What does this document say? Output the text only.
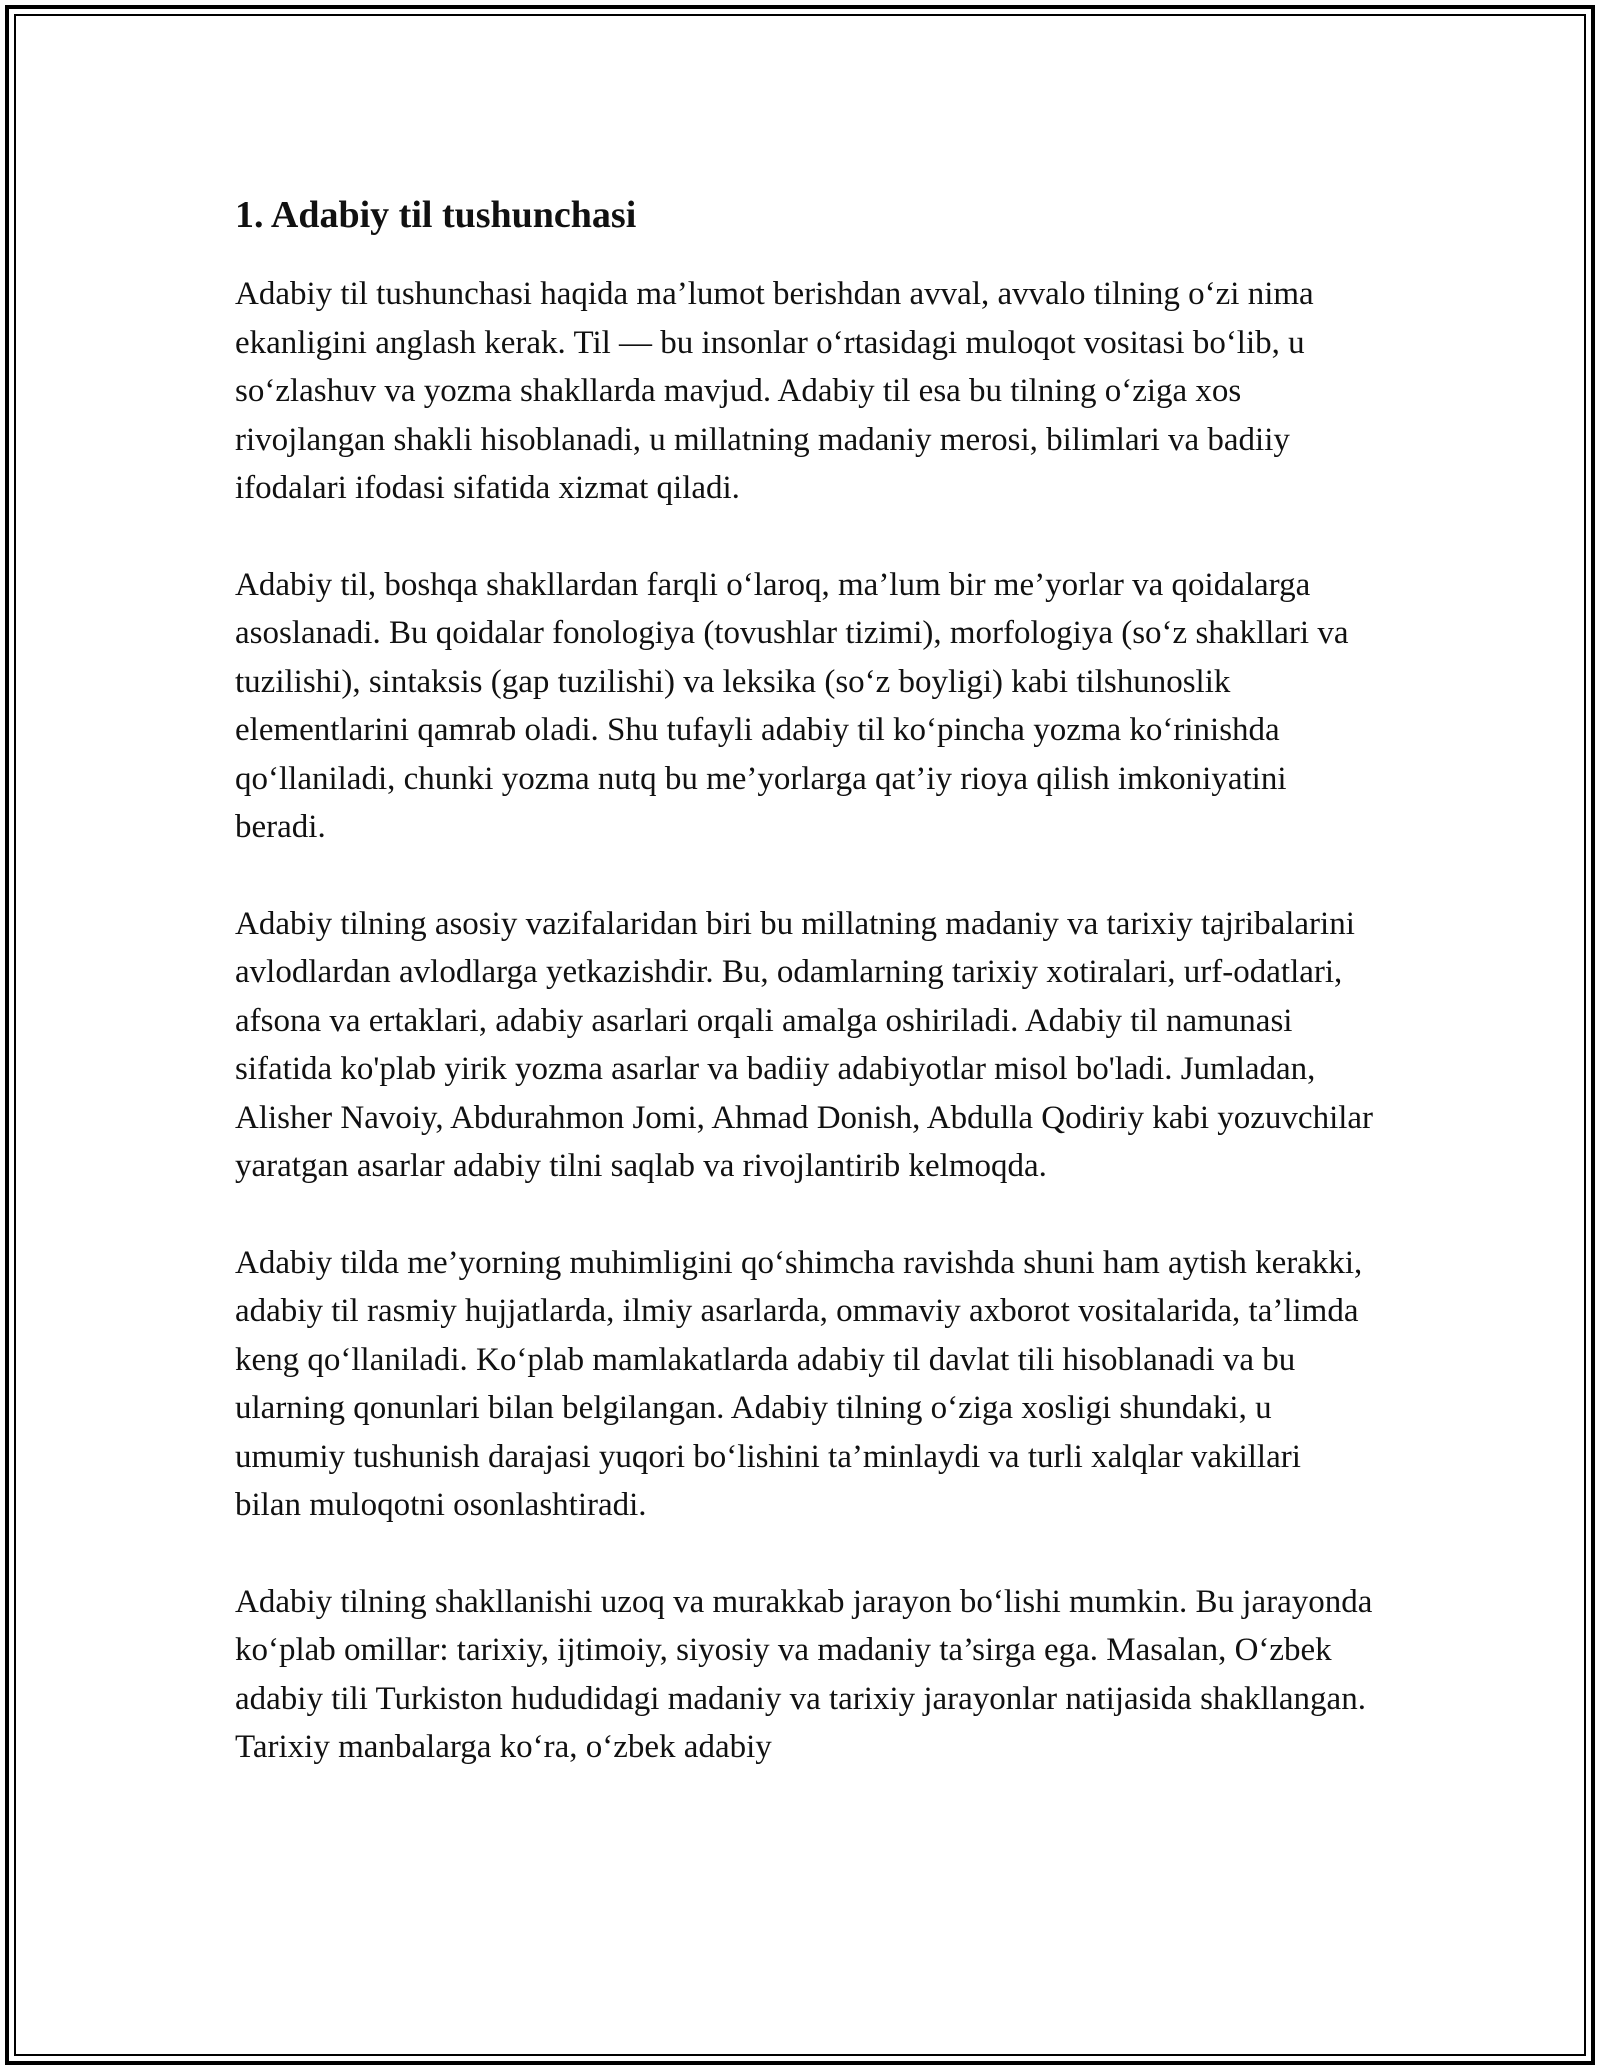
1. Adabiy til tushunchasi

Adabiy til tushunchasi haqida ma’lumot berishdan avval, avvalo tilning o‘zi nima ekanligini anglash kerak. Til — bu insonlar o‘rtasidagi muloqot vositasi bo‘lib, u so‘zlashuv va yozma shakllarda mavjud. Adabiy til esa bu tilning o‘ziga xos rivojlangan shakli hisoblanadi, u millatning madaniy merosi, bilimlari va badiiy ifodalari ifodasi sifatida xizmat qiladi.

Adabiy til, boshqa shakllardan farqli o‘laroq, ma’lum bir me’yorlar va qoidalarga asoslanadi. Bu qoidalar fonologiya (tovushlar tizimi), morfologiya (so‘z shakllari va tuzilishi), sintaksis (gap tuzilishi) va leksika (so‘z boyligi) kabi tilshunoslik elementlarini qamrab oladi. Shu tufayli adabiy til ko‘pincha yozma ko‘rinishda qo‘llaniladi, chunki yozma nutq bu me’yorlarga qat’iy rioya qilish imkoniyatini beradi.

Adabiy tilning asosiy vazifalaridan biri bu millatning madaniy va tarixiy tajribalarini avlodlardan avlodlarga yetkazishdir. Bu, odamlarning tarixiy xotiralari, urf-odatlari, afsona va ertaklari, adabiy asarlari orqali amalga oshiriladi. Adabiy til namunasi sifatida ko'plab yirik yozma asarlar va badiiy adabiyotlar misol bo'ladi. Jumladan, Alisher Navoiy, Abdurahmon Jomi, Ahmad Donish, Abdulla Qodiriy kabi yozuvchilar yaratgan asarlar adabiy tilni saqlab va rivojlantirib kelmoqda.

Adabiy tilda me’yorning muhimligini qo‘shimcha ravishda shuni ham aytish kerakki, adabiy til rasmiy hujjatlarda, ilmiy asarlarda, ommaviy axborot vositalarida, ta’limda keng qo‘llaniladi. Ko‘plab mamlakatlarda adabiy til davlat tili hisoblanadi va bu ularning qonunlari bilan belgilangan. Adabiy tilning o‘ziga xosligi shundaki, u umumiy tushunish darajasi yuqori bo‘lishini ta’minlaydi va turli xalqlar vakillari bilan muloqotni osonlashtiradi.

Adabiy tilning shakllanishi uzoq va murakkab jarayon bo‘lishi mumkin. Bu jarayonda ko‘plab omillar: tarixiy, ijtimoiy, siyosiy va madaniy ta’sirga ega. Masalan, O‘zbek adabiy tili Turkiston hududidagi madaniy va tarixiy jarayonlar natijasida shakllangan. Tarixiy manbalarga ko‘ra, o‘zbek adabiy
